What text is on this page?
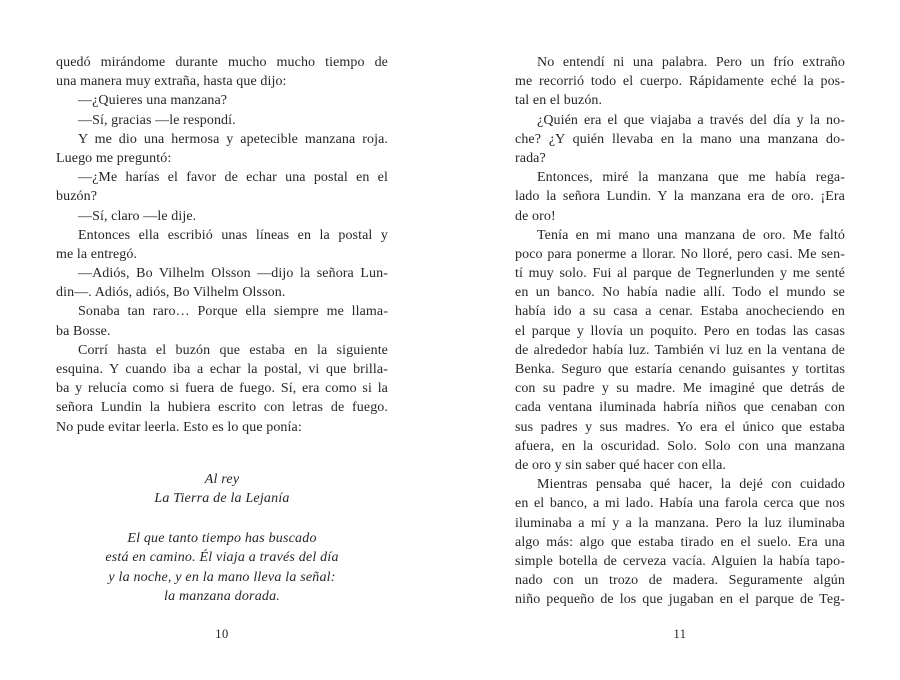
quedó mirándome durante mucho mucho tiempo de
una manera muy extraña, hasta que dijo:
—¿Quieres una manzana?
—Sí, gracias —le respondí.
Y me dio una hermosa y apetecible manzana roja.
Luego me preguntó:
—¿Me harías el favor de echar una postal en el
buzón?
—Sí, claro —le dije.
Entonces ella escribió unas líneas en la postal y
me la entregó.
—Adiós, Bo Vilhelm Olsson —dijo la señora Lun-
din—. Adiós, adiós, Bo Vilhelm Olsson.
Sonaba tan raro… Porque ella siempre me llama-
ba Bosse.
Corrí hasta el buzón que estaba en la siguiente
esquina. Y cuando iba a echar la postal, vi que brilla-
ba y relucía como si fuera de fuego. Sí, era como si la
señora Lundin la hubiera escrito con letras de fuego.
No pude evitar leerla. Esto es lo que ponía:
Al rey
La Tierra de la Lejanía
El que tanto tiempo has buscado
está en camino. Él viaja a través del día
y la noche, y en la mano lleva la señal:
la manzana dorada.
10
No entendí ni una palabra. Pero un frío extraño
me recorrió todo el cuerpo. Rápidamente eché la pos-
tal en el buzón.
¿Quién era el que viajaba a través del día y la no-
che? ¿Y quién llevaba en la mano una manzana do-
rada?
Entonces, miré la manzana que me había rega-
lado la señora Lundin. Y la manzana era de oro. ¡Era
de oro!
Tenía en mi mano una manzana de oro. Me faltó
poco para ponerme a llorar. No lloré, pero casi. Me sen-
tí muy solo. Fui al parque de Tegnerlunden y me senté
en un banco. No había nadie allí. Todo el mundo se
había ido a su casa a cenar. Estaba anocheciendo en
el parque y llovía un poquito. Pero en todas las casas
de alrededor había luz. También vi luz en la ventana de
Benka. Seguro que estaría cenando guisantes y tortitas
con su padre y su madre. Me imaginé que detrás de
cada ventana iluminada habría niños que cenaban con
sus padres y sus madres. Yo era el único que estaba
afuera, en la oscuridad. Solo. Solo con una manzana
de oro y sin saber qué hacer con ella.
Mientras pensaba qué hacer, la dejé con cuidado
en el banco, a mi lado. Había una farola cerca que nos
iluminaba a mí y a la manzana. Pero la luz iluminaba
algo más: algo que estaba tirado en el suelo. Era una
simple botella de cerveza vacía. Alguien la había tapo-
nado con un trozo de madera. Seguramente algún
niño pequeño de los que jugaban en el parque de Teg-
11
